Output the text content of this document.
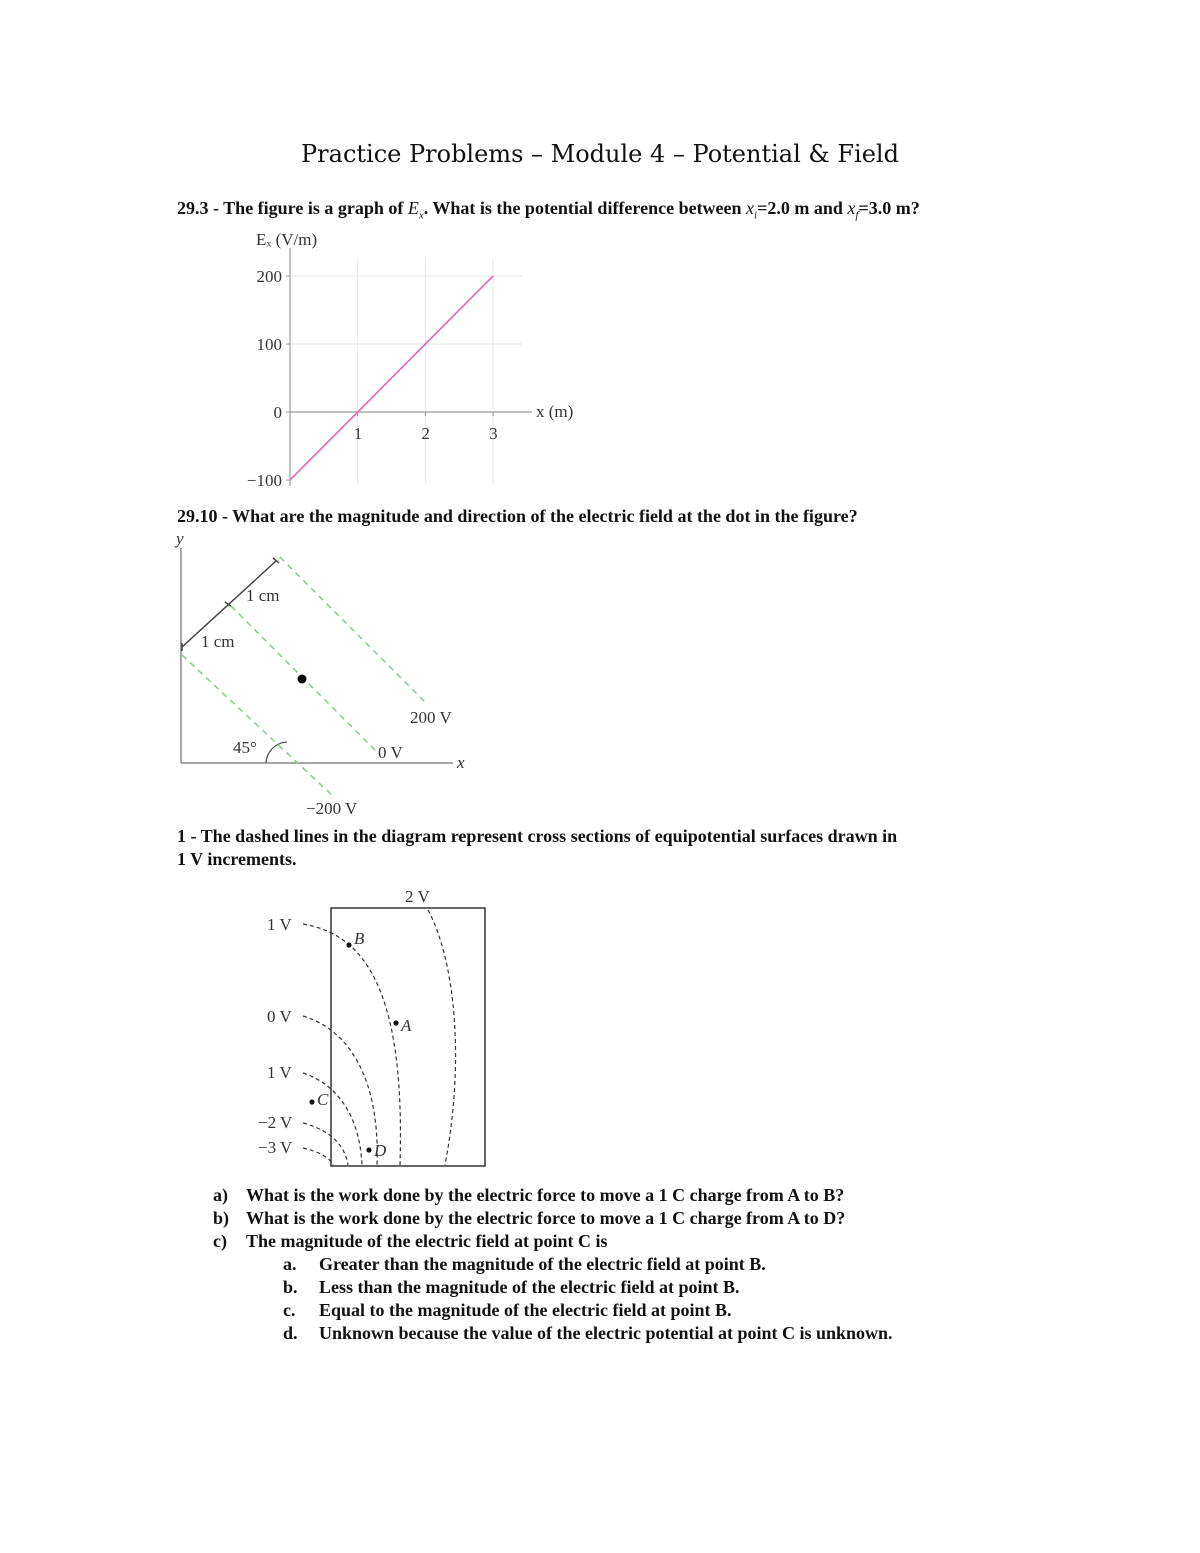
Practice Problems – Module 4 – Potential & Field
29.3 - The figure is a graph of $E_x$. What is the potential difference between $x_i=2.0$ m and $x_f=3.0$ m?
200
100
0
−100
1	2	3
Eₓ (V/m)
x (m)
29.10 - What are the magnitude and direction of the electric field at the dot in the figure?
y
x
1 cm
1 cm
200 V
0 V
−200 V
45°
1 - The dashed lines in the diagram represent cross sections of equipotential surfaces drawn in
1 V increments.
2 V
1 V
0 V
1 V
−2 V
−3 V
B
A
C
D
a) What is the work done by the electric force to move a 1 C charge from A to B?
b) What is the work done by the electric force to move a 1 C charge from A to D?
c) The magnitude of the electric field at point C is
a. Greater than the magnitude of the electric field at point B.
b. Less than the magnitude of the electric field at point B.
c. Equal to the magnitude of the electric field at point B.
d. Unknown because the value of the electric potential at point C is unknown.
